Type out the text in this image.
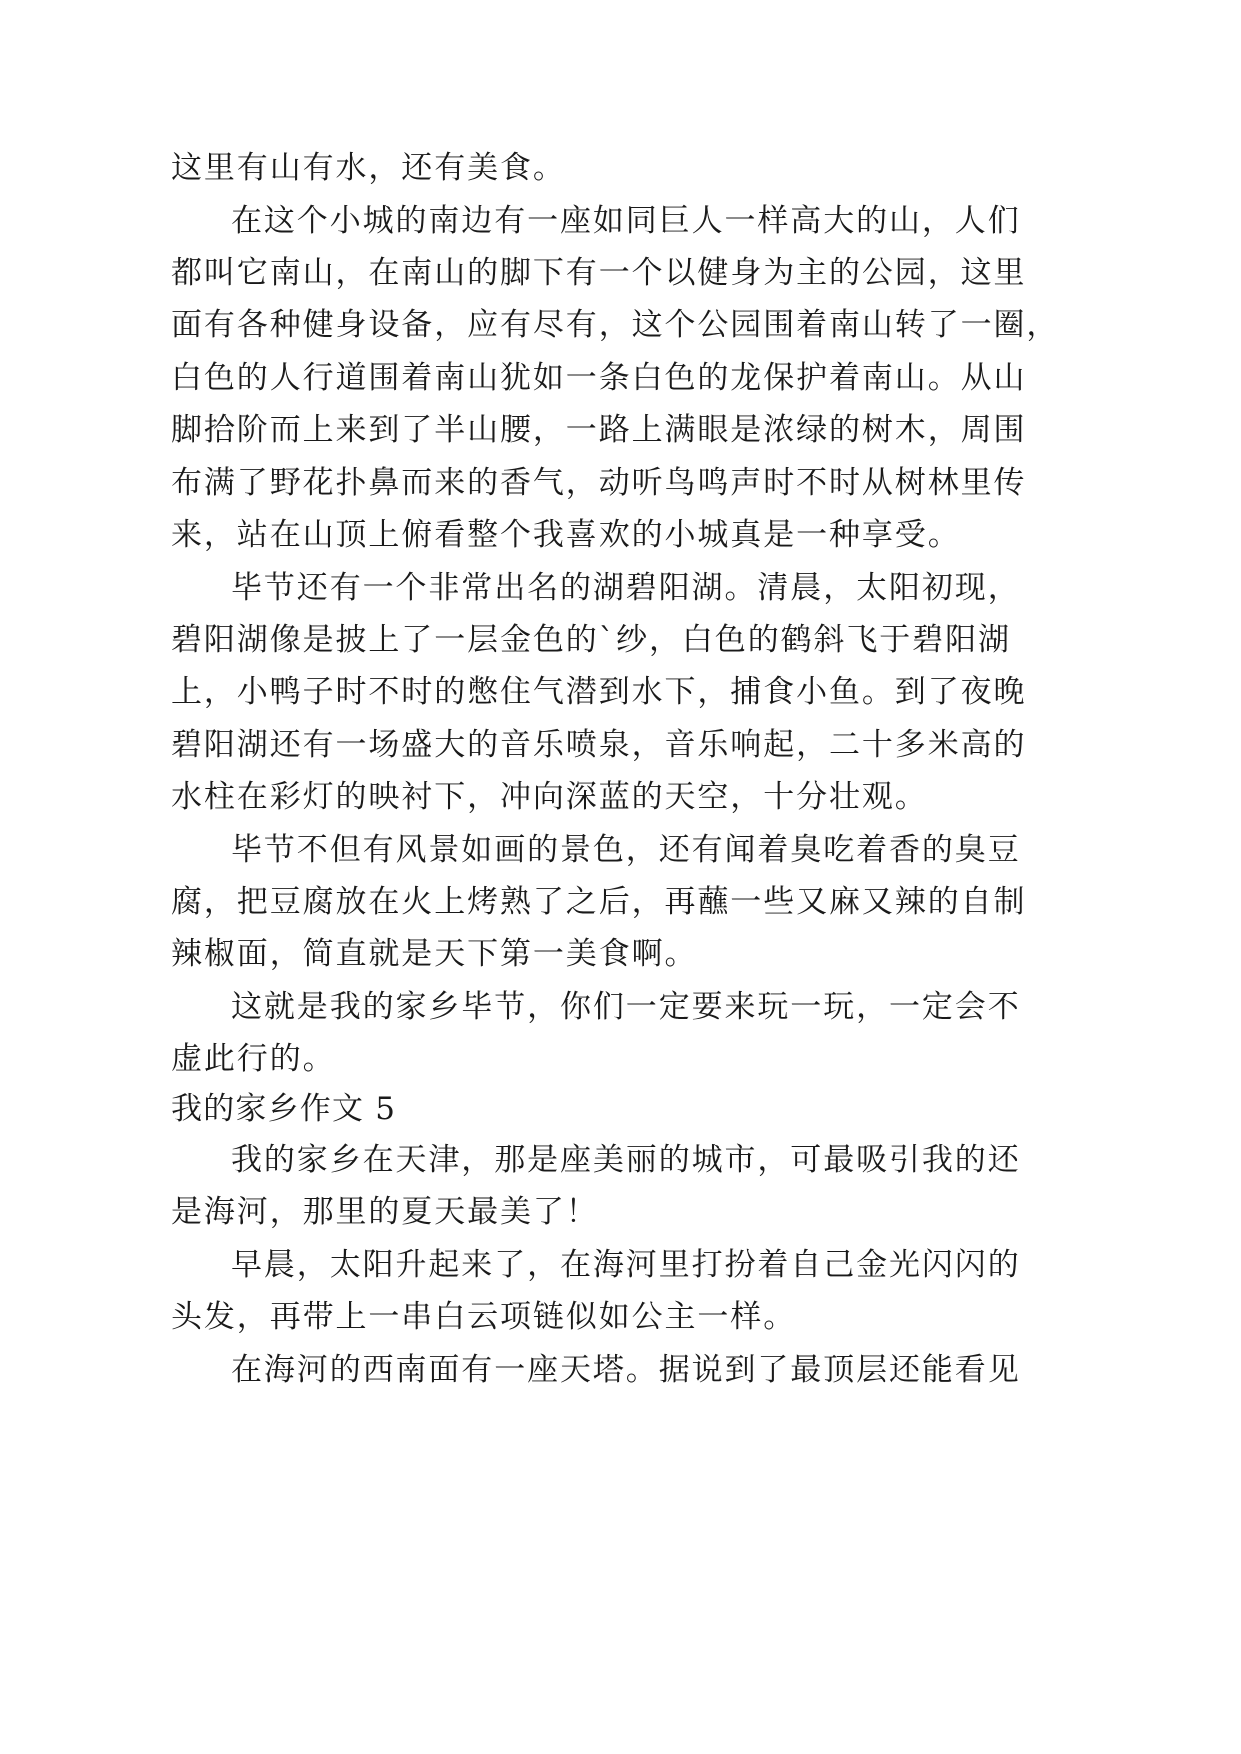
这里有山有水，还有美食。
在这个小城的南边有一座如同巨人一样高大的山，人们
都叫它南山，在南山的脚下有一个以健身为主的公园，这里
面有各种健身设备，应有尽有，这个公园围着南山转了一圈，
白色的人行道围着南山犹如一条白色的龙保护着南山。从山
脚拾阶而上来到了半山腰，一路上满眼是浓绿的树木，周围
布满了野花扑鼻而来的香气，动听鸟鸣声时不时从树林里传
来，站在山顶上俯看整个我喜欢的小城真是一种享受。
毕节还有一个非常出名的湖碧阳湖。清晨，太阳初现，
碧阳湖像是披上了一层金色的`纱，白色的鹤斜飞于碧阳湖
上，小鸭子时不时的憋住气潜到水下，捕食小鱼。到了夜晚
碧阳湖还有一场盛大的音乐喷泉，音乐响起，二十多米高的
水柱在彩灯的映衬下，冲向深蓝的天空，十分壮观。
毕节不但有风景如画的景色，还有闻着臭吃着香的臭豆
腐，把豆腐放在火上烤熟了之后，再蘸一些又麻又辣的自制
辣椒面，简直就是天下第一美食啊。
这就是我的家乡毕节，你们一定要来玩一玩，一定会不
虚此行的。
我的家乡作文 5
我的家乡在天津，那是座美丽的城市，可最吸引我的还
是海河，那里的夏天最美了！
早晨，太阳升起来了，在海河里打扮着自己金光闪闪的
头发，再带上一串白云项链似如公主一样。
在海河的西南面有一座天塔。据说到了最顶层还能看见
